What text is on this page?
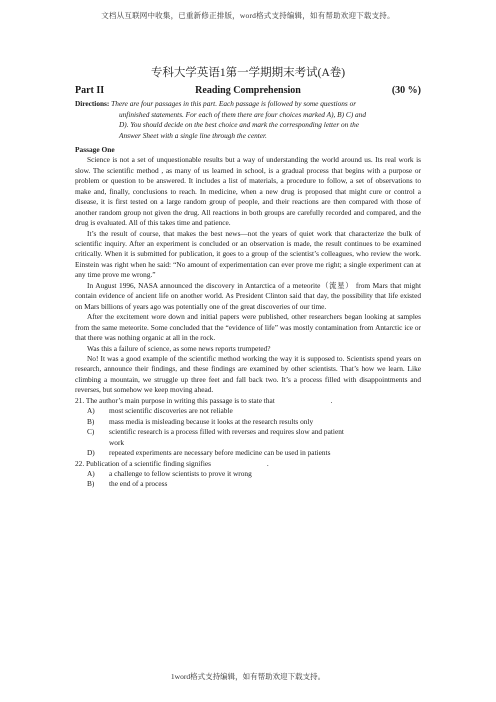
文档从互联网中收集，已重新修正排版，word格式支持编辑，如有帮助欢迎下载支持。
专科大学英语1第一学期期末考试(A卷)
Part II	Reading Comprehension	(30 %)
Directions: There are four passages in this part. Each passage is followed by some questions or
unfinished statements. For each of them there are four choices marked A), B) C) and
D). You should decide on the best choice and mark the corresponding letter on the
Answer Sheet with a single line through the center.
Passage One

Science is not a set of unquestionable results but a way of understanding the world around us. Its real work is slow. The scientific method , as many of us learned in school, is a gradual process that begins with a purpose or problem or question to be answered. It includes a list of materials, a procedure to follow, a set of observations to make and, finally, conclusions to reach. In medicine, when a new drug is proposed that might cure or control a disease, it is first tested on a large random group of people, and their reactions are then compared with those of another random group not given the drug. All reactions in both groups are carefully recorded and compared, and the drug is evaluated. All of this takes time and patience.

It’s the result of course, that makes the best news—not the years of quiet work that characterize the bulk of scientific inquiry. After an experiment is concluded or an observation is made, the result continues to be examined critically. When it is submitted for publication, it goes to a group of the scientist’s colleagues, who review the work. Einstein was right when he said: “No amount of experimentation can ever prove me right; a single experiment can at any time prove me wrong.”

In August 1996, NASA announced the discovery in Antarctica of a meteorite（流星） from Mars that might contain evidence of ancient life on another world. As President Clinton said that day, the possibility that life existed on Mars billions of years ago was potentially one of the great discoveries of our time.

After the excitement wore down and initial papers were published, other researchers began looking at samples from the same meteorite. Some concluded that the “evidence of life” was mostly contamination from Antarctic ice or that there was nothing organic at all in the rock.

Was this a failure of science, as some news reports trumpeted?

No! It was a good example of the scientific method working the way it is supposed to. Scientists spend years on research, announce their findings, and these findings are examined by other scientists. That’s how we learn. Like climbing a mountain, we struggle up three feet and fall back two. It’s a process filled with disappointments and reverses, but somehow we keep moving ahead.

21. The author’s main purpose in writing this passage is to state that	.

A)	most scientific discoveries are not reliable
B)	mass media is misleading because it looks at the research results only
C)	scientific research is a process filled with reverses and requires slow and patient
work
D)	repeated experiments are necessary before medicine can be used in patients

22. Publication of a scientific finding signifies	.

A)	a challenge to fellow scientists to prove it wrong
B)	the end of a process
1word格式支持编辑，如有帮助欢迎下载支持。
